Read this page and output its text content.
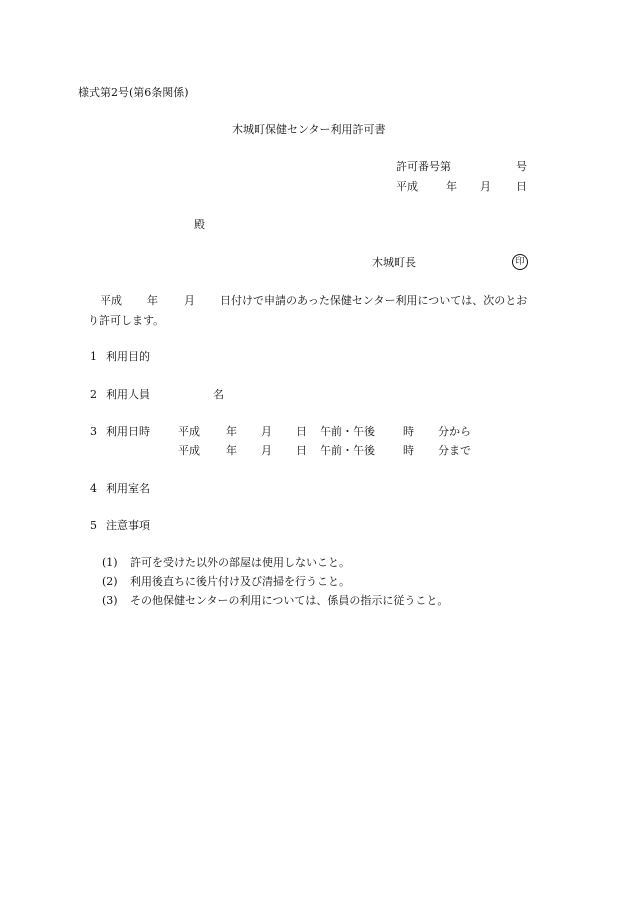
様式第2号(第6条関係)
木城町保健センター利用許可書
許可番号第	号
平成	年 月 日
殿
木城町長	印
平成 年 月 日付けで申請のあった保健センター利用については、次のとお
り許可します。
1 利用目的
2 利用人員	名
3 利用日時	平成 年 月 日 午前・午後	時 分から
平成 年 月 日 午前・午後	時 分まで
4 利用室名
5 注意事項
(1) 許可を受けた以外の部屋は使用しないこと。
(2) 利用後直ちに後片付け及び清掃を行うこと。
(3) その他保健センターの利用については、係員の指示に従うこと。
